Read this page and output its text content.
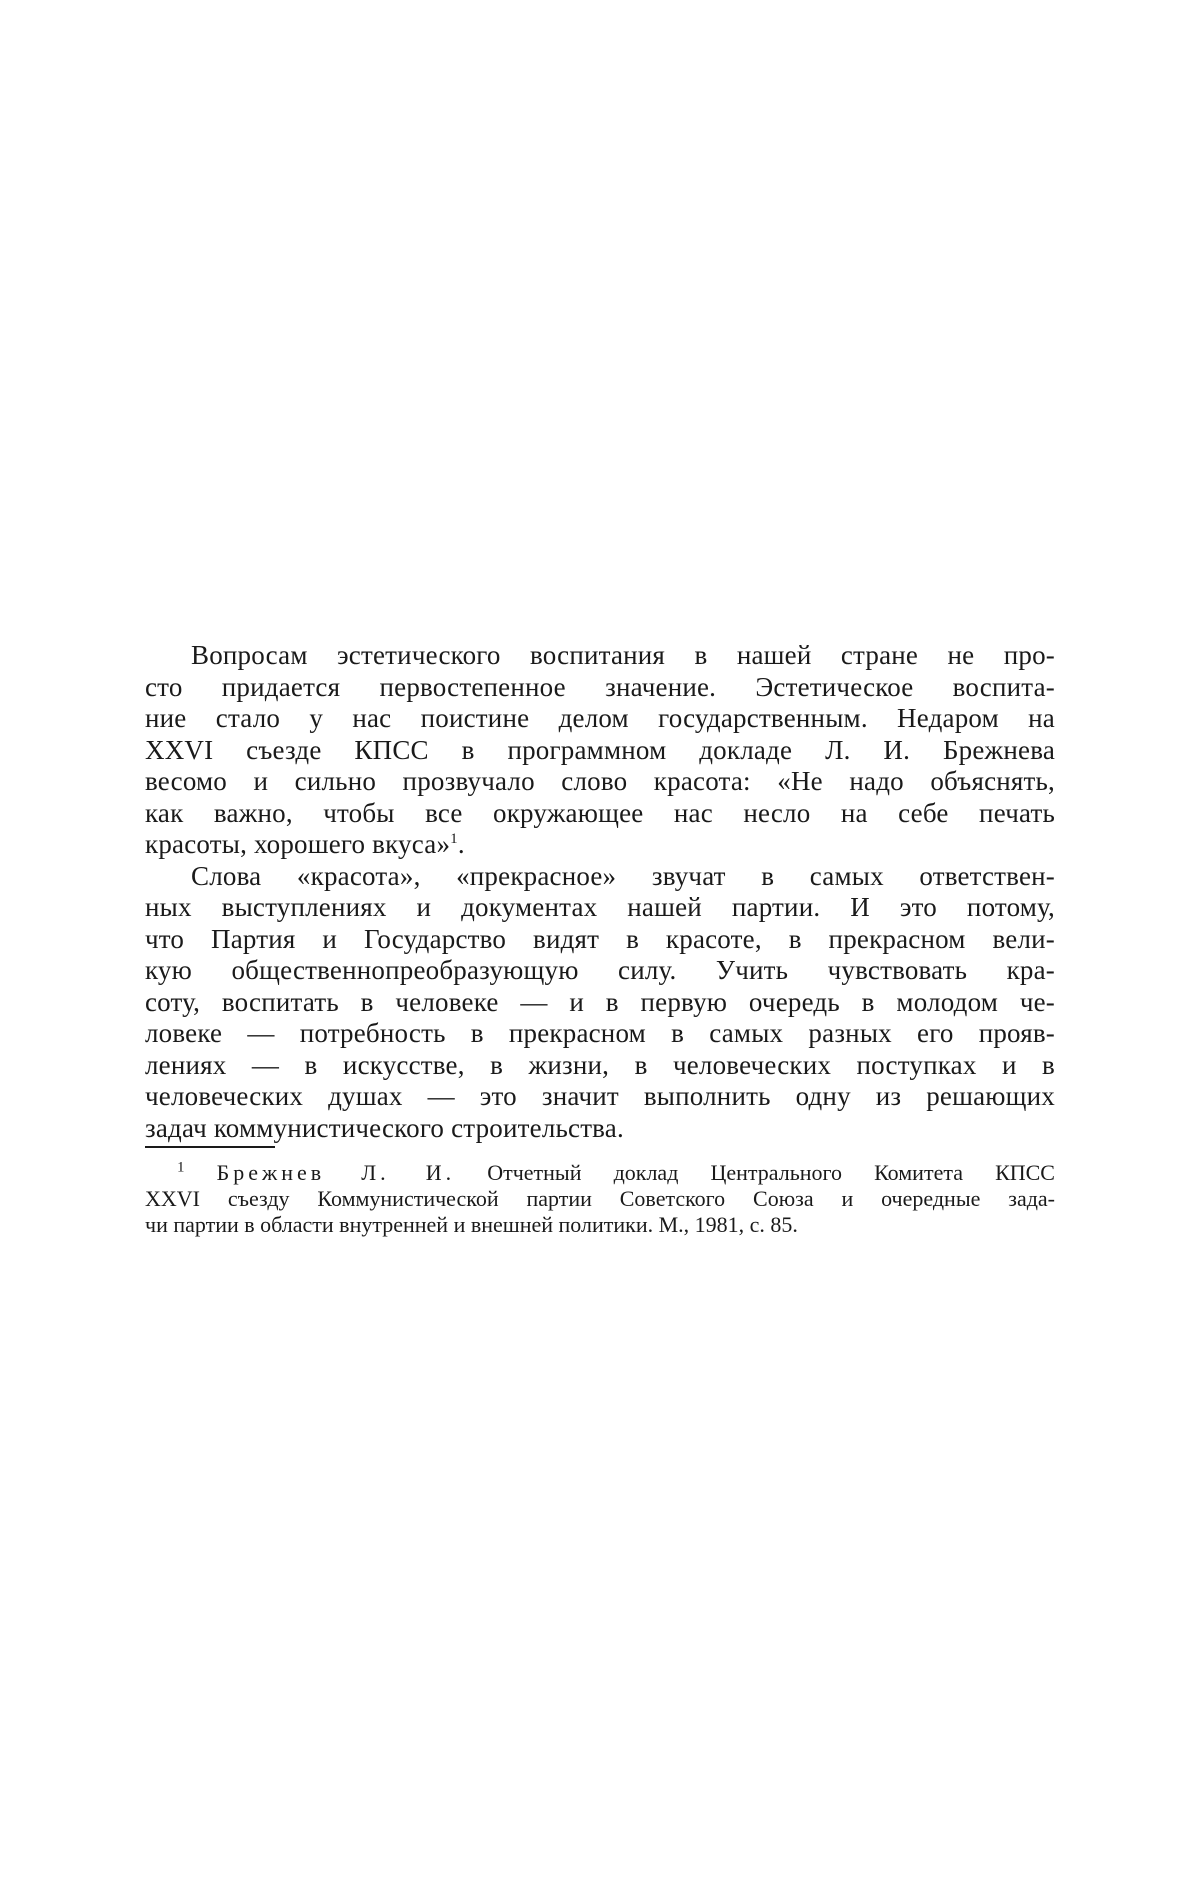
Вопросам эстетического воспитания в нашей стране не про-
сто придается первостепенное значение. Эстетическое воспита-
ние стало у нас поистине делом государственным. Недаром на
XXVI съезде КПСС в программном докладе Л. И. Брежнева
весомо и сильно прозвучало слово красота: «Не надо объяснять,
как важно, чтобы все окружающее нас несло на себе печать
красоты, хорошего вкуса»$^1$.
Слова «красота», «прекрасное» звучат в самых ответствен-
ных выступлениях и документах нашей партии. И это потому,
что Партия и Государство видят в красоте, в прекрасном вели-
кую общественнопреобразующую силу. Учить чувствовать кра-
соту, воспитать в человеке — и в первую очередь в молодом че-
ловеке — потребность в прекрасном в самых разных его прояв-
лениях — в искусстве, в жизни, в человеческих поступках и в
человеческих душах — это значит выполнить одну из решающих
задач коммунистического строительства.
$^1$ Брежнев Л. И. Отчетный доклад Центрального Комитета КПСС
XXVI съезду Коммунистической партии Советского Союза и очередные зада-
чи партии в области внутренней и внешней политики. М., 1981, с. 85.
